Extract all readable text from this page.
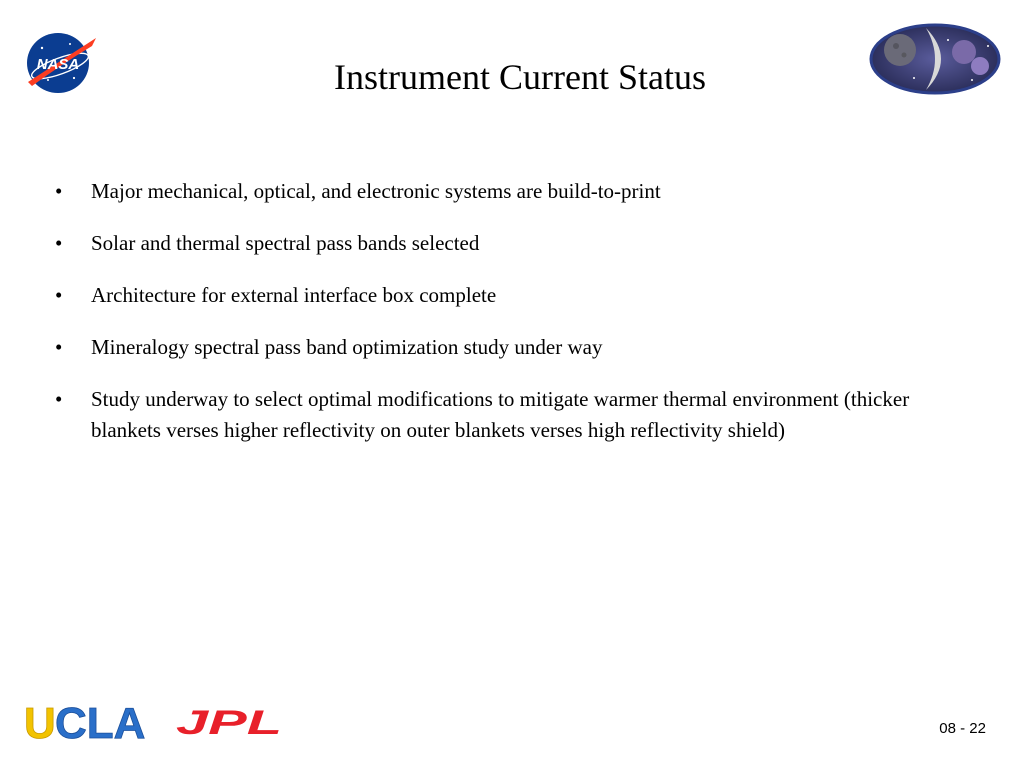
NASA	Instrument Current Status
•	Major mechanical, optical, and electronic systems are build-to-print
•	Solar and thermal spectral pass bands selected
•	Architecture for external interface box complete
•	Mineralogy spectral pass band optimization study under way
•	Study underway to select optimal modifications to mitigate warmer thermal environment (thicker blankets verses higher reflectivity on outer blankets verses high reflectivity shield)
U CLA JPL	08 - 22
